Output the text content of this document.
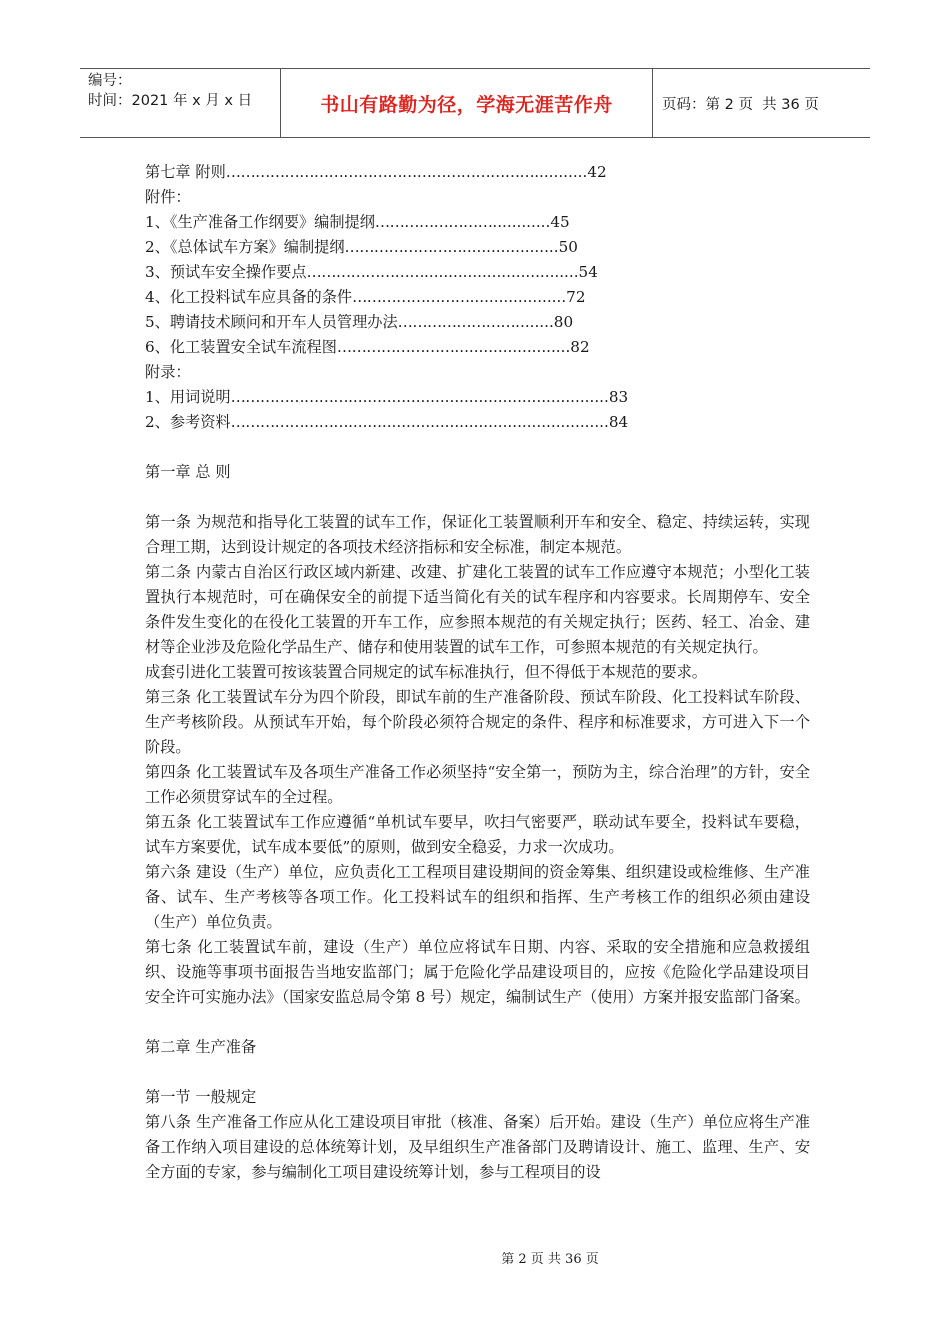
编号：
时间：2021 年 x 月 x 日	书山有路勤为径，学海无涯苦作舟	页码：第 2 页  共 36 页
第七章 附则………………………………………………………...........42
附件：
1、《生产准备工作纲要》编制提纲……………………............45
2、《总体试车方案》编制提纲……………………....................50
3、预试车安全操作要点……………………................................54
4、化工投料试车应具备的条件……………………....................72
5、聘请技术顾问和开车人员管理办法……………………........80
6、化工装置安全试车流程图……………………........................82
附录：
1、用词说明……………………......................................................83
2、参考资料……………………......................................................84

第一章 总 则

第一条 为规范和指导化工装置的试车工作，保证化工装置顺利开车和安全、稳定、持续运转，实现合理工期，达到设计规定的各项技术经济指标和安全标准，制定本规范。

第二条 内蒙古自治区行政区域内新建、改建、扩建化工装置的试车工作应遵守本规范；小型化工装置执行本规范时，可在确保安全的前提下适当简化有关的试车程序和内容要求。长周期停车、安全条件发生变化的在役化工装置的开车工作，应参照本规范的有关规定执行；医药、轻工、冶金、建材等企业涉及危险化学品生产、储存和使用装置的试车工作，可参照本规范的有关规定执行。

成套引进化工装置可按该装置合同规定的试车标准执行，但不得低于本规范的要求。

第三条 化工装置试车分为四个阶段，即试车前的生产准备阶段、预试车阶段、化工投料试车阶段、生产考核阶段。从预试车开始，每个阶段必须符合规定的条件、程序和标准要求，方可进入下一个阶段。

第四条 化工装置试车及各项生产准备工作必须坚持“安全第一，预防为主，综合治理”的方针，安全工作必须贯穿试车的全过程。

第五条 化工装置试车工作应遵循“单机试车要早，吹扫气密要严，联动试车要全，投料试车要稳，试车方案要优，试车成本要低”的原则，做到安全稳妥，力求一次成功。

第六条 建设（生产）单位，应负责化工工程项目建设期间的资金筹集、组织建设或检维修、生产准备、试车、生产考核等各项工作。化工投料试车的组织和指挥、生产考核工作的组织必须由建设（生产）单位负责。

第七条 化工装置试车前，建设（生产）单位应将试车日期、内容、采取的安全措施和应急救援组织、设施等事项书面报告当地安监部门；属于危险化学品建设项目的，应按《危险化学品建设项目安全许可实施办法》（国家安监总局令第 8 号）规定，编制试生产（使用）方案并报安监部门备案。

第二章 生产准备

第一节 一般规定

第八条 生产准备工作应从化工建设项目审批（核准、备案）后开始。建设（生产）单位应将生产准备工作纳入项目建设的总体统筹计划，及早组织生产准备部门及聘请设计、施工、监理、生产、安全方面的专家，参与编制化工项目建设统筹计划，参与工程项目的设

第 2 页 共 36 页
